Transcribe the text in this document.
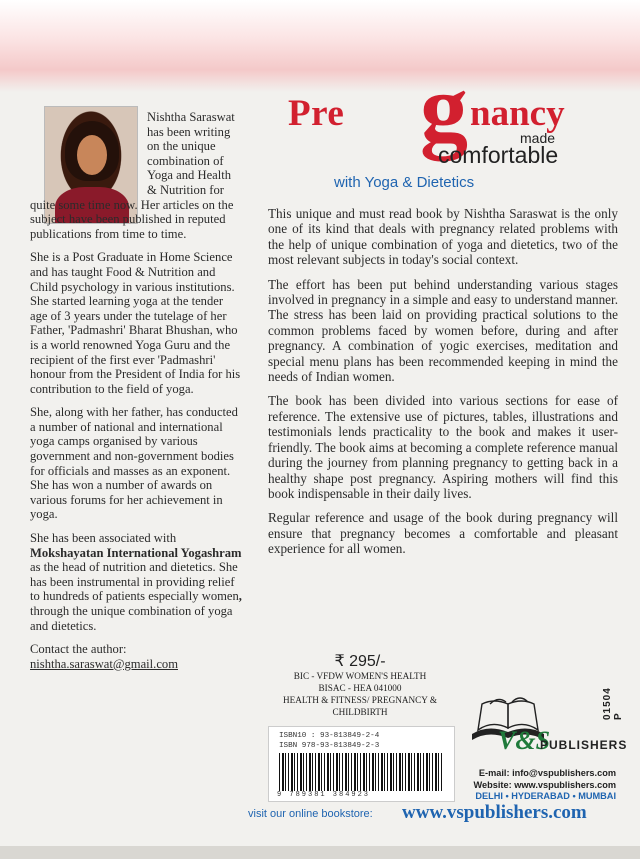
Pre g nancy
made
comfortable
with Yoga & Dietetics

Nishtha Saraswat has been writing on the unique combination of Yoga and Health & Nutrition for

quite some time now. Her articles on the subject have been published in reputed publications from time to time.

She is a Post Graduate in Home Science and has taught Food & Nutrition and Child psychology in various institutions. She started learning yoga at the tender age of 3 years under the tutelage of her Father, 'Padmashri' Bharat Bhushan, who is a world renowned Yoga Guru and the recipient of the first ever 'Padmashri' honour from the President of India for his contribution to the field of yoga.

She, along with her father, has conducted a number of national and international yoga camps organised by various government and non-government bodies for officials and masses as an exponent. She has won a number of awards on various forums for her achievement in yoga.

She has been associated with Mokshayatan International Yogashram as the head of nutrition and dietetics. She has been instrumental in providing relief to hundreds of patients especially women, through the unique combination of yoga and dietetics.

Contact the author:
nishtha.saraswat@gmail.com

This unique and must read book by Nishtha Saraswat is the only one of its kind that deals with pregnancy related problems with the help of unique combination of yoga and dietetics, two of the most relevant subjects in today's social context.

The effort has been put behind understanding various stages involved in pregnancy in a simple and easy to understand manner. The stress has been laid on providing practical solutions to the common problems faced by women before, during and after pregnancy. A combination of yogic exercises, meditation and special menu plans has been recommended keeping in mind the needs of Indian women.

The book has been divided into various sections for ease of reference. The extensive use of pictures, tables, illustrations and testimonials lends practicality to the book and makes it user-friendly. The book aims at becoming a complete reference manual during the journey from planning pregnancy to getting back in a healthy shape post pregnancy. Aspiring mothers will find this book indispensable in their daily lives.

Regular reference and usage of the book during pregnancy will ensure that pregnancy becomes a comfortable and pleasant experience for all women.

₹ 295/-
BIC - VFDW WOMEN'S HEALTH
BISAC - HEA 041000
HEALTH & FITNESS/ PREGNANCY & CHILDBIRTH
ISBN10 : 93-813849-2-4
ISBN 978-93-813849-2-3
9 789381 384923
01504 P
V&S
PUBLISHERS
E-mail: info@vspublishers.com
Website: www.vspublishers.com
DELHI • HYDERABAD • MUMBAI
visit our online bookstore: www.vspublishers.com
